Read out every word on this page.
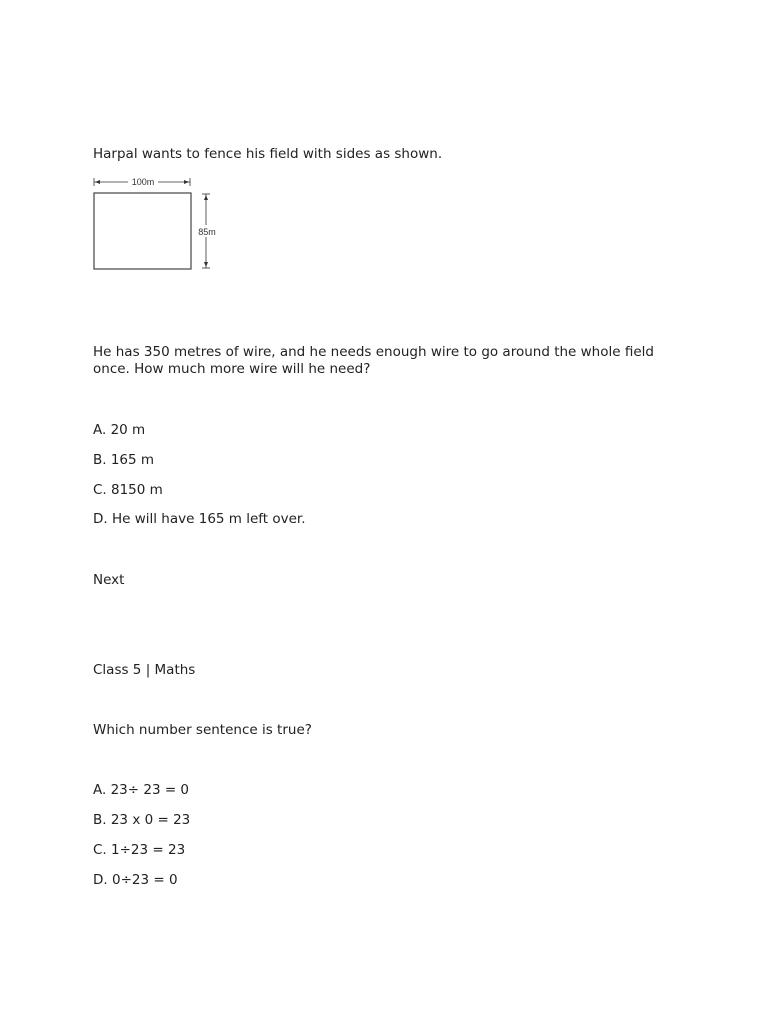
Harpal wants to fence his field with sides as shown.
100m
85m
He has 350 metres of wire, and he needs enough wire to go around the whole field once. How much more wire will he need?
A. 20 m
B. 165 m
C. 8150 m
D. He will have 165 m left over.
Next
Class 5 | Maths
Which number sentence is true?
A. 23÷ 23 = 0
B. 23 x 0 = 23
C. 1÷23 = 23
D. 0÷23 = 0
